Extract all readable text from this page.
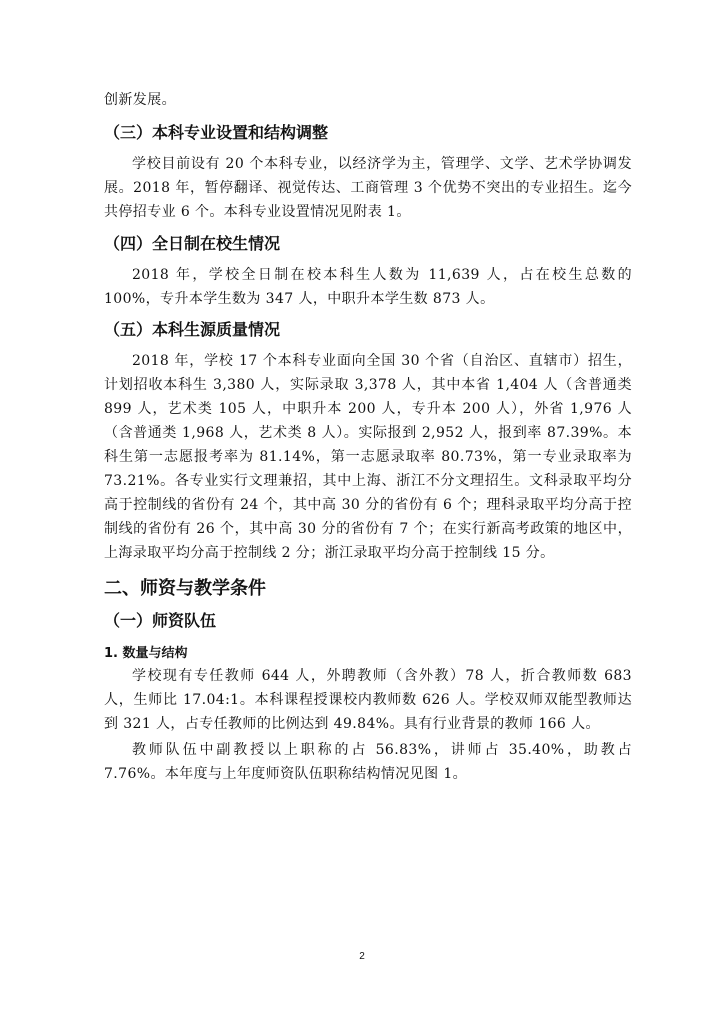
创新发展。

（三）本科专业设置和结构调整

学校目前设有 20 个本科专业，以经济学为主，管理学、文学、艺术学协调发展。2018 年，暂停翻译、视觉传达、工商管理 3 个优势不突出的专业招生。迄今共停招专业 6 个。本科专业设置情况见附表 1。

（四）全日制在校生情况

2018 年，学校全日制在校本科生人数为 11,639 人，占在校生总数的 100%，专升本学生数为 347 人，中职升本学生数 873 人。

（五）本科生源质量情况

2018 年，学校 17 个本科专业面向全国 30 个省（自治区、直辖市）招生，计划招收本科生 3,380 人，实际录取 3,378 人，其中本省 1,404 人（含普通类 899 人，艺术类 105 人，中职升本 200 人，专升本 200 人），外省 1,976 人（含普通类 1,968 人，艺术类 8 人）。实际报到 2,952 人，报到率 87.39%。本科生第一志愿报考率为 81.14%，第一志愿录取率 80.73%，第一专业录取率为 73.21%。各专业实行文理兼招，其中上海、浙江不分文理招生。文科录取平均分高于控制线的省份有 24 个，其中高 30 分的省份有 6 个；理科录取平均分高于控制线的省份有 26 个，其中高 30 分的省份有 7 个；在实行新高考政策的地区中，上海录取平均分高于控制线 2 分；浙江录取平均分高于控制线 15 分。

二、师资与教学条件
（一）师资队伍
1. 数量与结构

学校现有专任教师 644 人，外聘教师（含外教）78 人，折合教师数 683 人，生师比 17.04:1。本科课程授课校内教师数 626 人。学校双师双能型教师达到 321 人，占专任教师的比例达到 49.84%。具有行业背景的教师 166 人。

教师队伍中副教授以上职称的占 56.83%，讲师占 35.40%，助教占 7.76%。本年度与上年度师资队伍职称结构情况见图 1。

2
